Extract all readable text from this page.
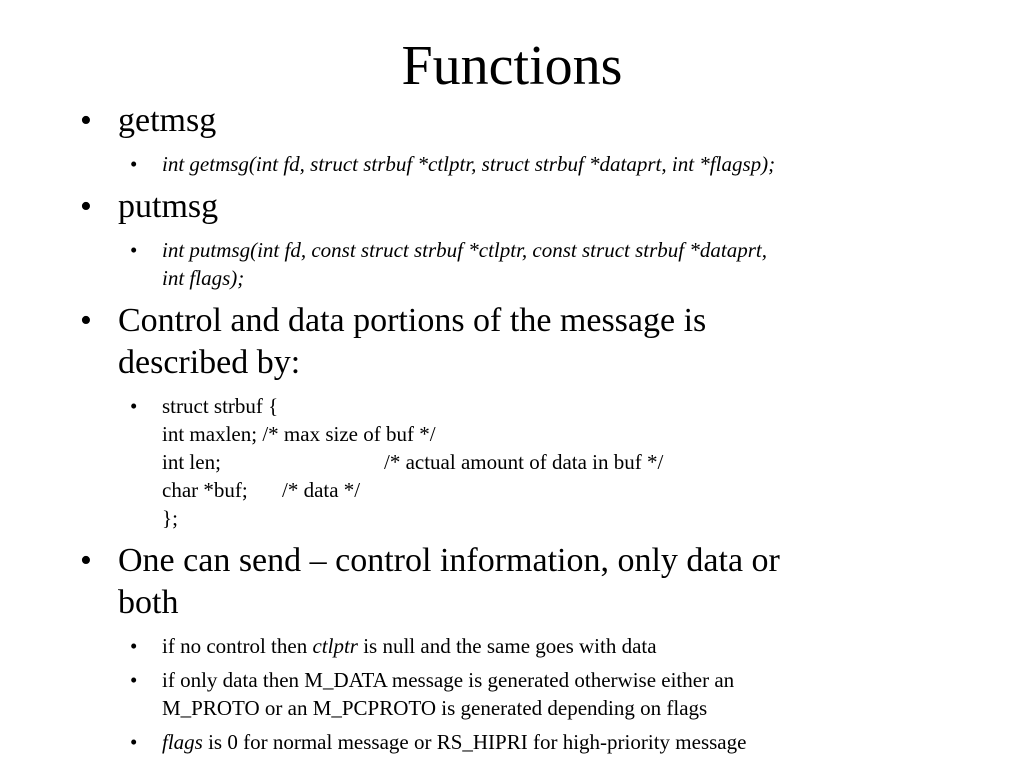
Functions
• getmsg
• int getmsg(int fd, struct strbuf *ctlptr, struct strbuf *dataprt, int *flagsp);
• putmsg
• int putmsg(int fd, const struct strbuf *ctlptr, const struct strbuf *dataprt,
int flags);
• Control and data portions of the message is
described by:
• struct strbuf {
int maxlen; /* max size of buf */
int len;	/* actual amount of data in buf */
char *buf; /* data */
};
• One can send – control information, only data or
both
• if no control then ctlptr is null and the same goes with data
• if only data then M_DATA message is generated otherwise either an
M_PROTO or an M_PCPROTO is generated depending on flags
• flags is 0 for normal message or RS_HIPRI for high-priority message
